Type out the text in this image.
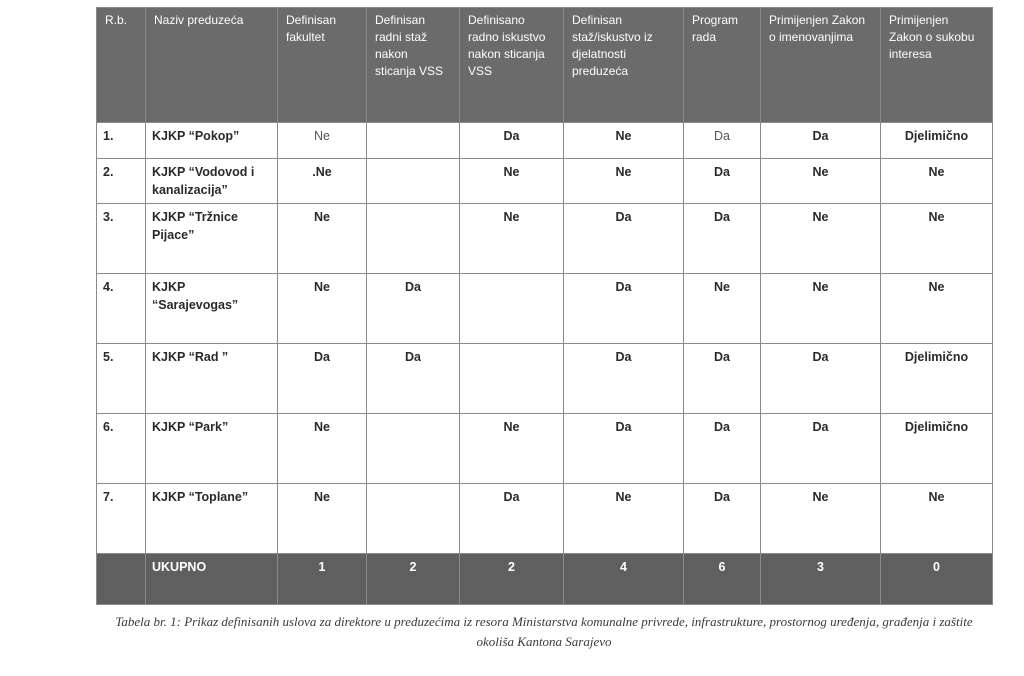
R.b.	Naziv preduzeća	Definisan fakultet	Definisan radni staž nakon sticanja VSS	Definisano radno iskustvo nakon sticanja VSS	Definisan staž/iskustvo iz djelatnosti preduzeća	Program rada	Primijenjen Zakon o imenovanjima	Primijenjen Zakon o sukobu interesa
1.	KJKP “Pokop”	Ne		Da	Ne	Da	Da	Djelimično
2.	KJKP “Vodovod i kanalizacija”	.Ne		Ne	Ne	Da	Ne	Ne
3.	KJKP “Tržnice Pijace”	Ne		Ne	Da	Da	Ne	Ne
4.	KJKP “Sarajevogas”	Ne	Da		Da	Ne	Ne	Ne
5.	KJKP “Rad ”	Da	Da		Da	Da	Da	Djelimično
6.	KJKP “Park”	Ne		Ne	Da	Da	Da	Djelimično
7.	KJKP “Toplane”	Ne		Da	Ne	Da	Ne	Ne
	UKUPNO	1	2	2	4	6	3	0
Tabela br. 1: Prikaz definisanih uslova za direktore u preduzećima iz resora Ministarstva komunalne privrede, infrastrukture, prostornog uređenja, građenja i zaštite okoliša Kantona Sarajevo
